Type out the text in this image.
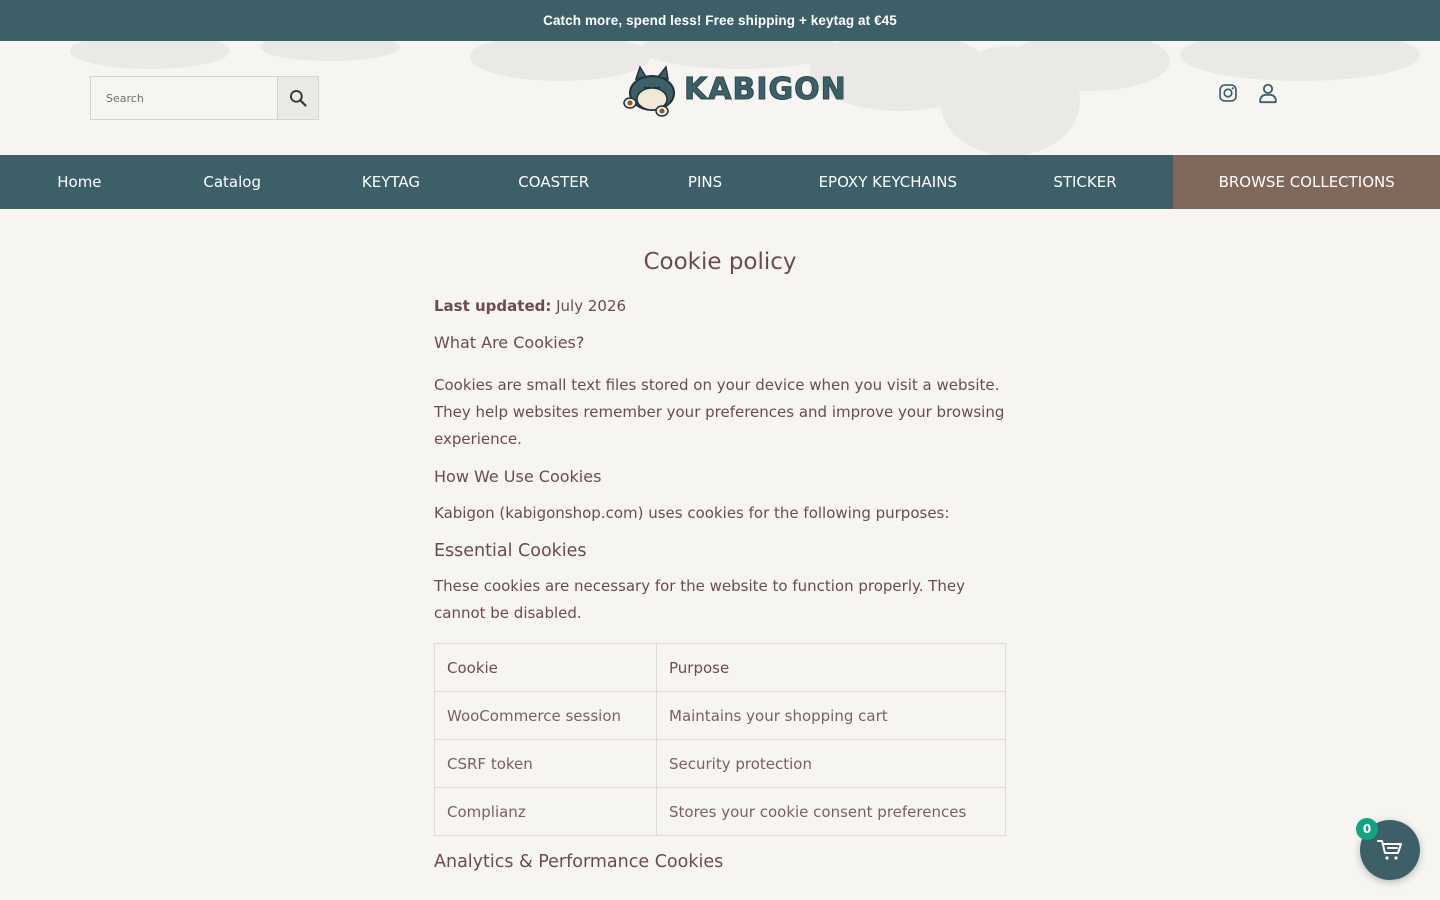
Catch more, spend less! Free shipping + keytag at €45
Search
KABIGON
Home	Catalog	KEYTAG	COASTER	PINS	EPOXY KEYCHAINS	STICKER	BROWSE COLLECTIONS
Cookie policy
Last updated: July 2026
What Are Cookies?

Cookies are small text files stored on your device when you visit a website. They help websites remember your preferences and improve your browsing experience.

How We Use Cookies

Kabigon (kabigonshop.com) uses cookies for the following purposes:

Essential Cookies

These cookies are necessary for the website to function properly. They cannot be disabled.

Cookie	Purpose
WooCommerce session	Maintains your shopping cart
CSRF token	Security protection
Complianz	Stores your cookie consent preferences
Analytics & Performance Cookies
0
